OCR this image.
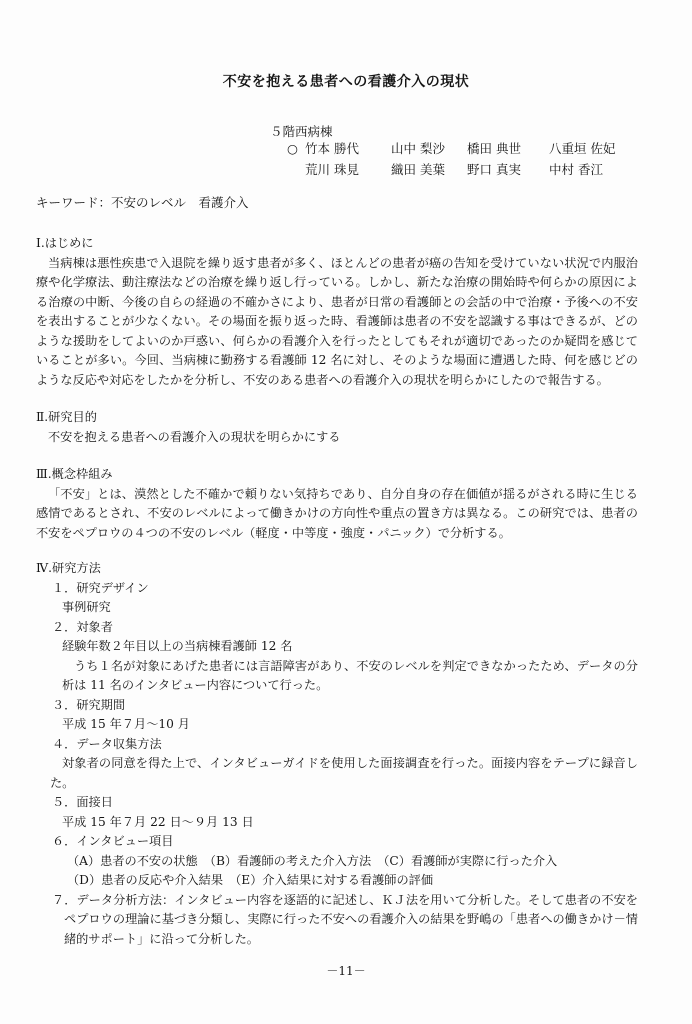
不安を抱える患者への看護介入の現状
５階西病棟
○ 竹本 勝代	山中 梨沙	橋田 典世	八重垣 佐妃
荒川 珠見	織田 美葉	野口 真実	中村 香江
キーワード：不安のレベル　看護介入
Ⅰ.はじめに

当病棟は悪性疾患で入退院を繰り返す患者が多く、ほとんどの患者が癌の告知を受けていない状況で内服治療や化学療法、動注療法などの治療を繰り返し行っている。しかし、新たな治療の開始時や何らかの原因による治療の中断、今後の自らの経過の不確かさにより、患者が日常の看護師との会話の中で治療・予後への不安を表出することが少なくない。その場面を振り返った時、看護師は患者の不安を認識する事はできるが、どのような援助をしてよいのか戸惑い、何らかの看護介入を行ったとしてもそれが適切であったのか疑問を感じていることが多い。今回、当病棟に勤務する看護師 12 名に対し、そのような場面に遭遇した時、何を感じどのような反応や対応をしたかを分析し、不安のある患者への看護介入の現状を明らかにしたので報告する。

Ⅱ.研究目的

不安を抱える患者への看護介入の現状を明らかにする

Ⅲ.概念枠組み

「不安」とは、漠然とした不確かで頼りない気持ちであり、自分自身の存在価値が揺るがされる時に生じる感情であるとされ、不安のレベルによって働きかけの方向性や重点の置き方は異なる。この研究では、患者の不安をペプロウの４つの不安のレベル（軽度・中等度・強度・パニック）で分析する。

Ⅳ.研究方法
１．研究デザイン
事例研究
２．対象者
経験年数２年目以上の当病棟看護師 12 名

うち１名が対象にあげた患者には言語障害があり、不安のレベルを判定できなかったため、データの分析は 11 名のインタビュー内容について行った。

３．研究期間
平成 15 年７月～10 月
４．データ収集方法

対象者の同意を得た上で、インタビューガイドを使用した面接調査を行った。面接内容をテープに録音した。

５．面接日
平成 15 年７月 22 日～９月 13 日
６．インタビュー項目
（A）患者の不安の状態　（B）看護師の考えた介入方法　（C）看護師が実際に行った介入
（D）患者の反応や介入結果　（E）介入結果に対する看護師の評価

７．データ分析方法：インタビュー内容を逐語的に記述し、ＫＪ法を用いて分析した。そして患者の不安をペプロウの理論に基づき分類し、実際に行った不安への看護介入の結果を野嶋の「患者への働きかけ－情緒的サポート」に沿って分析した。

－11－
